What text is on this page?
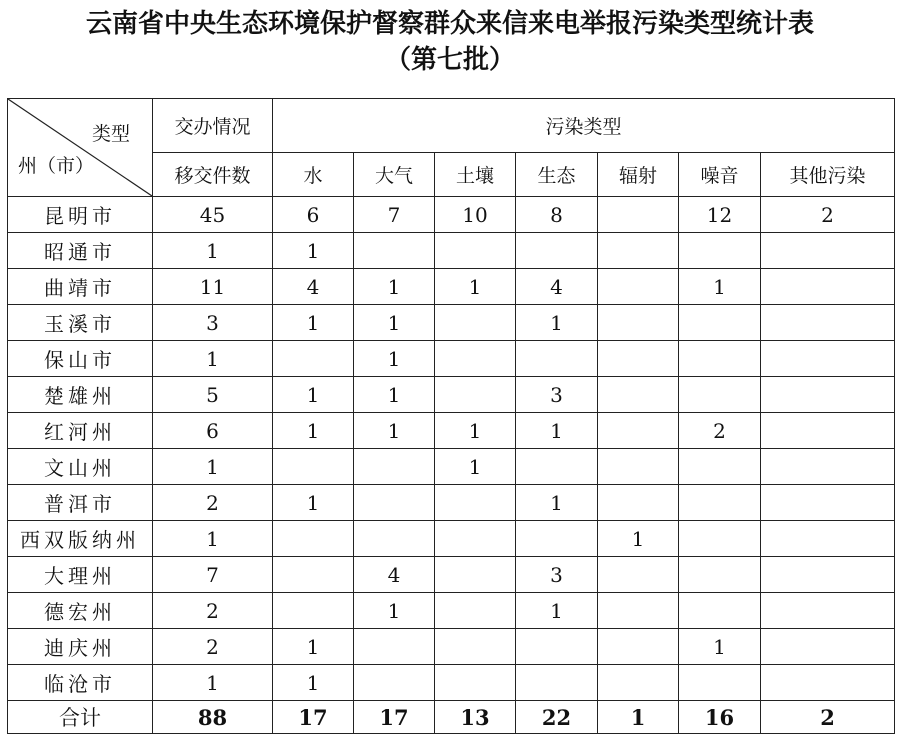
云南省中央生态环境保护督察群众来信来电举报污染类型统计表
（第七批）
类型
州（市）	交办情况	污染类型						
	移交件数	水	大气	土壤	生态	辐射	噪音	其他污染
昆明市	45	6	7	10	8		12	2
昭通市	1	1						
曲靖市	11	4	1	1	4		1	
玉溪市	3	1	1		1			
保山市	1		1					
楚雄州	5	1	1		3			
红河州	6	1	1	1	1		2	
文山州	1			1				
普洱市	2	1			1			
西双版纳州	1					1		
大理州	7		4		3			
德宏州	2		1		1			
迪庆州	2	1					1	
临沧市	1	1						
合计	88	17	17	13	22	1	16	2
